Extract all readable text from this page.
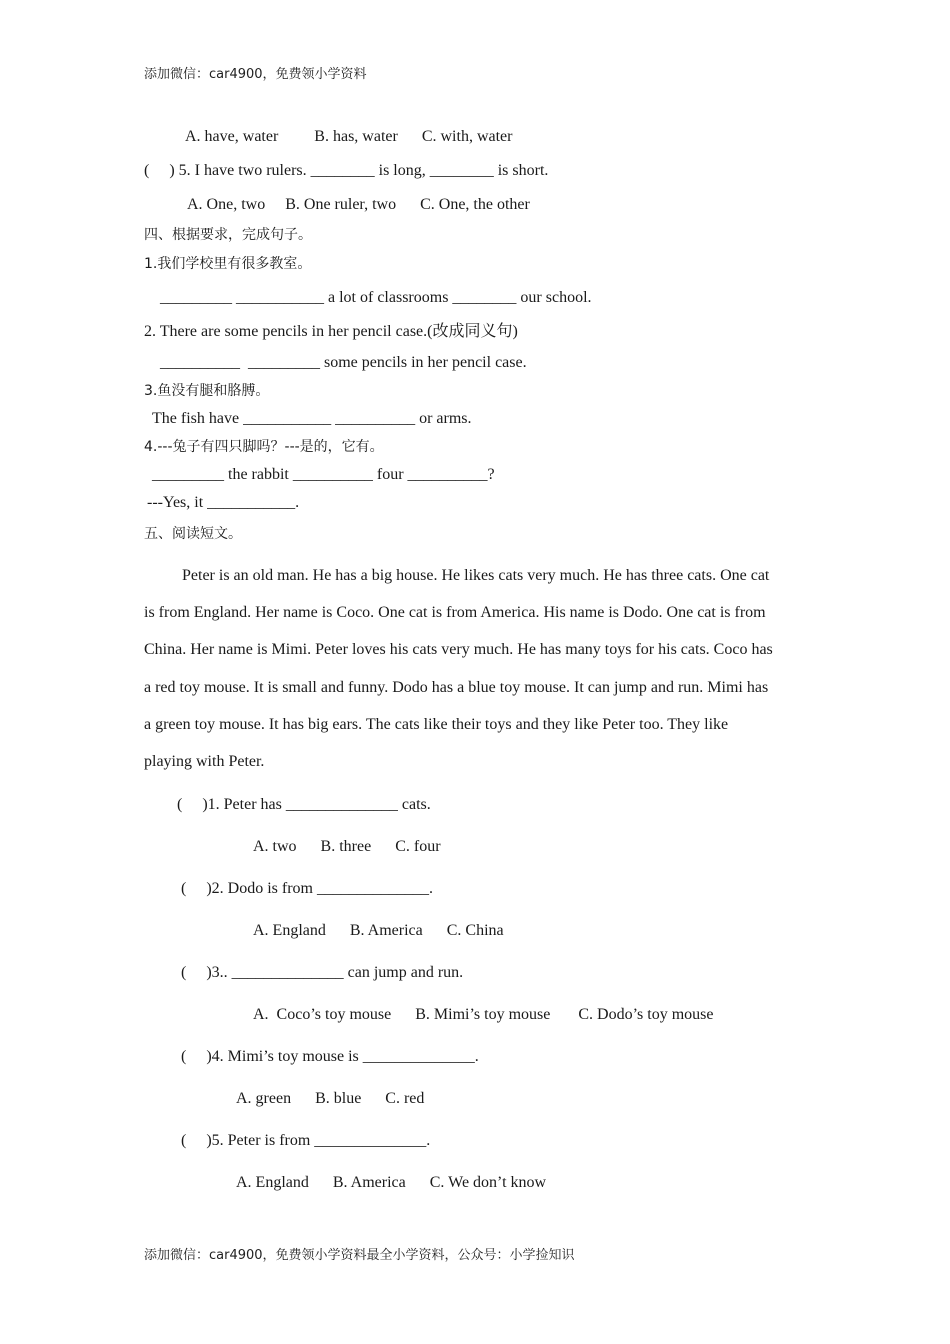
添加微信：car4900，免费领小学资料
A. have, water         B. has, water      C. with, water
(     ) 5. I have two rulers. ________ is long, ________ is short.
A. One, two     B. One ruler, two      C. One, the other
四、根据要求，完成句子。
1.我们学校里有很多教室。
_________ ___________ a lot of classrooms ________ our school.
2. There are some pencils in her pencil case.(改成同义句)
__________  _________ some pencils in her pencil case.
3.鱼没有腿和胳膊。
The fish have ___________ __________ or arms.
4.---兔子有四只脚吗？---是的，它有。
_________ the rabbit __________ four __________?
---Yes, it ___________.
五、阅读短文。
Peter is an old man. He has a big house. He likes cats very much. He has three cats. One cat
is from England. Her name is Coco. One cat is from America. His name is Dodo. One cat is from
China. Her name is Mimi. Peter loves his cats very much. He has many toys for his cats. Coco has
a red toy mouse. It is small and funny. Dodo has a blue toy mouse. It can jump and run. Mimi has
a green toy mouse. It has big ears. The cats like their toys and they like Peter too. They like
playing with Peter.
(     )1. Peter has ______________ cats.
A. two      B. three      C. four
(     )2. Dodo is from ______________.
A. England      B. America      C. China
(     )3.. ______________ can jump and run.
A.  Coco’s toy mouse      B. Mimi’s toy mouse       C. Dodo’s toy mouse
(     )4. Mimi’s toy mouse is ______________.
A. green      B. blue      C. red
(     )5. Peter is from ______________.
A. England      B. America      C. We don’t know
添加微信：car4900，免费领小学资料最全小学资料，公众号：小学捡知识
